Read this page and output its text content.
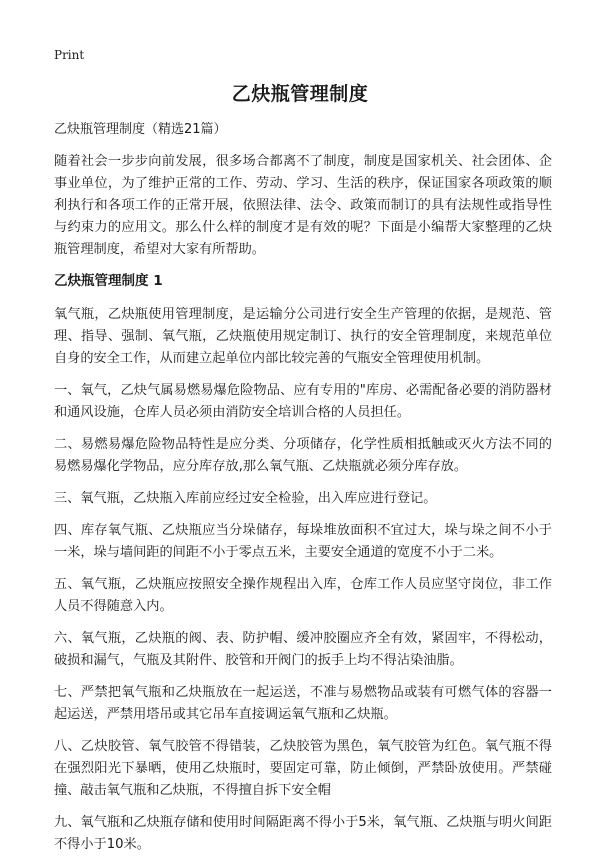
Print
乙炔瓶管理制度
乙炔瓶管理制度（精选21篇）

随着社会一步步向前发展，很多场合都离不了制度，制度是国家机关、社会团体、企事业单位，为了维护正常的工作、劳动、学习、生活的秩序，保证国家各项政策的顺利执行和各项工作的正常开展，依照法律、法令、政策而制订的具有法规性或指导性与约束力的应用文。那么什么样的制度才是有效的呢？下面是小编帮大家整理的乙炔瓶管理制度，希望对大家有所帮助。

乙炔瓶管理制度 1

氧气瓶，乙炔瓶使用管理制度，是运输分公司进行安全生产管理的依据，是规范、管理、指导、强制、氧气瓶，乙炔瓶使用规定制订、执行的安全管理制度，来规范单位自身的安全工作，从而建立起单位内部比较完善的气瓶安全管理使用机制。

一、氧气，乙炔气属易燃易爆危险物品、应有专用的"库房、必需配备必要的消防器材和通风设施，仓库人员必须由消防安全培训合格的人员担任。

二、易燃易爆危险物品特性是应分类、分项储存，化学性质相抵触或灭火方法不同的易燃易爆化学物品，应分库存放,那么氧气瓶、乙炔瓶就必须分库存放。

三、氧气瓶，乙炔瓶入库前应经过安全检验，出入库应进行登记。

四、库存氧气瓶、乙炔瓶应当分垛储存，每垛堆放面积不宜过大，垛与垛之间不小于一米，垛与墙间距的间距不小于零点五米，主要安全通道的宽度不小于二米。

五、氧气瓶，乙炔瓶应按照安全操作规程出入库，仓库工作人员应坚守岗位，非工作人员不得随意入内。

六、氧气瓶，乙炔瓶的阀、表、防护帽、缓冲胶圈应齐全有效，紧固牢，不得松动，破损和漏气，气瓶及其附件、胶管和开阀门的扳手上均不得沾染油脂。

七、严禁把氧气瓶和乙炔瓶放在一起运送，不准与易燃物品或装有可燃气体的容器一起运送，严禁用塔吊或其它吊车直接调运氧气瓶和乙炔瓶。

八、乙炔胶管、氧气胶管不得错装，乙炔胶管为黑色，氧气胶管为红色。氧气瓶不得在强烈阳光下暴晒，使用乙炔瓶时，要固定可靠，防止倾倒，严禁卧放使用。严禁碰撞、敲击氧气瓶和乙炔瓶，不得擅自拆下安全帽

九、氧气瓶和乙炔瓶存储和使用时间隔距离不得小于5米，氧气瓶、乙炔瓶与明火间距不得小于10米。
